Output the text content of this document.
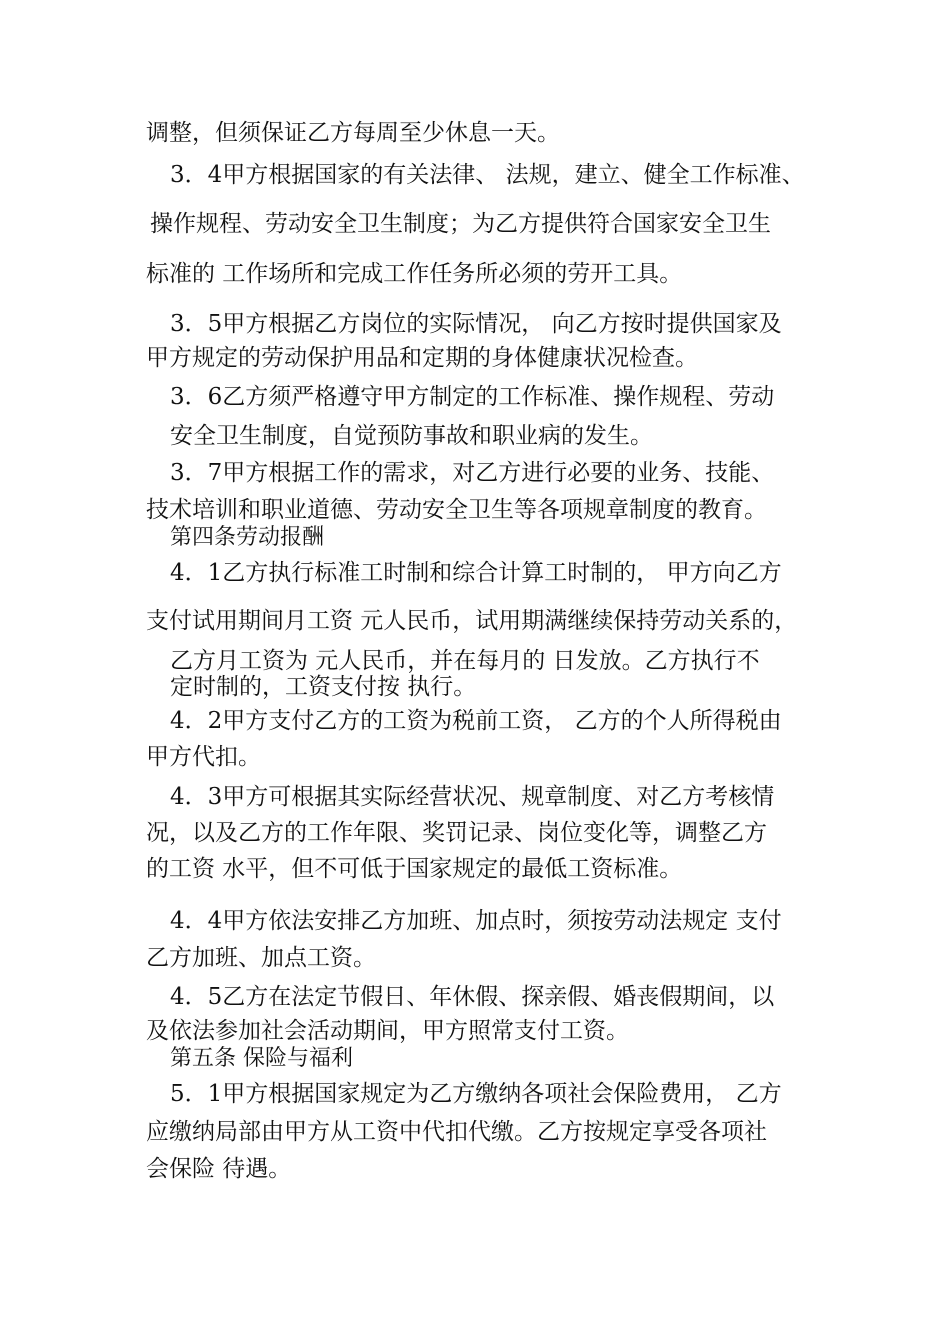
调整，但须保证乙方每周至少休息一天。
3．4甲方根据国家的有关法律、 法规，建立、健全工作标准、
操作规程、劳动安全卫生制度；为乙方提供符合国家安全卫生
标准的 工作场所和完成工作任务所必须的劳开工具。
3．5甲方根据乙方岗位的实际情况， 向乙方按时提供国家及
甲方规定的劳动保护用品和定期的身体健康状况检查。
3．6乙方须严格遵守甲方制定的工作标准、操作规程、劳动
安全卫生制度，自觉预防事故和职业病的发生。
3．7甲方根据工作的需求，对乙方进行必要的业务、技能、
技术培训和职业道德、劳动安全卫生等各项规章制度的教育。
第四条劳动报酬
4．1乙方执行标准工时制和综合计算工时制的， 甲方向乙方
支付试用期间月工资 元人民币，试用期满继续保持劳动关系的，
乙方月工资为 元人民币，并在每月的 日发放。乙方执行不
定时制的，工资支付按 执行。
4．2甲方支付乙方的工资为税前工资， 乙方的个人所得税由
甲方代扣。
4．3甲方可根据其实际经营状况、规章制度、对乙方考核情
况，以及乙方的工作年限、奖罚记录、岗位变化等，调整乙方
的工资 水平，但不可低于国家规定的最低工资标准。
4．4甲方依法安排乙方加班、加点时，须按劳动法规定 支付
乙方加班、加点工资。
4．5乙方在法定节假日、年休假、探亲假、婚丧假期间，以
及依法参加社会活动期间，甲方照常支付工资。
第五条 保险与福利
5．1甲方根据国家规定为乙方缴纳各项社会保险费用， 乙方
应缴纳局部由甲方从工资中代扣代缴。乙方按规定享受各项社
会保险 待遇。
